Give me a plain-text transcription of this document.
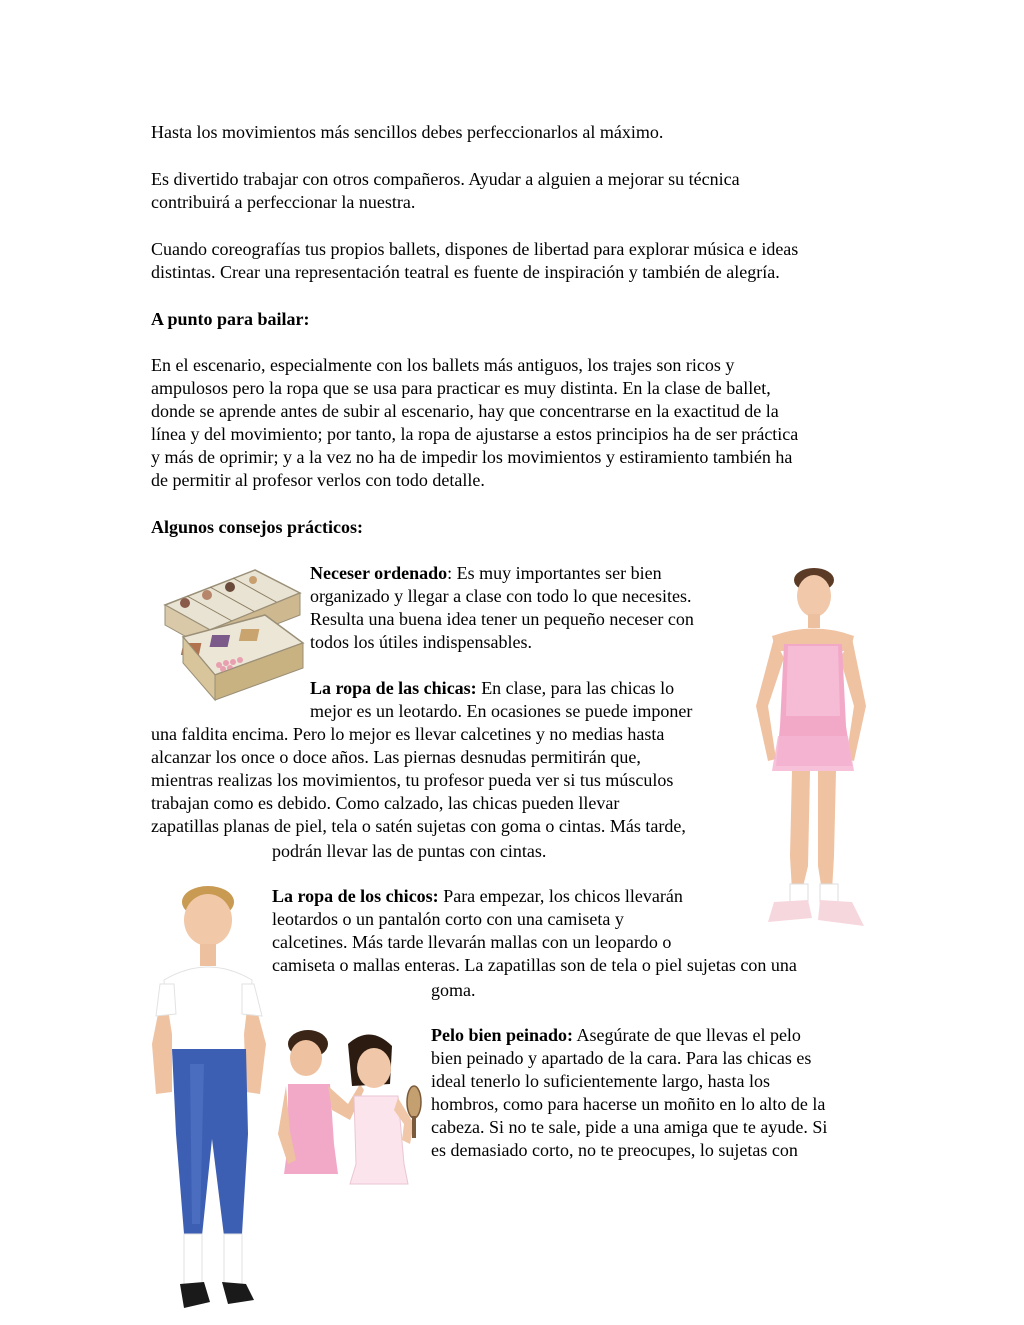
Hasta los movimientos más sencillos debes perfeccionarlos al máximo.

Es divertido trabajar con otros compañeros. Ayudar a alguien a mejorar su técnica

contribuirá a perfeccionar la nuestra.

Cuando coreografías tus propios ballets, dispones de libertad para explorar música e ideas

distintas. Crear una representación teatral es fuente de inspiración y también de alegría.

A punto para bailar:

En el escenario, especialmente con los ballets más antiguos, los trajes son ricos y

ampulosos pero la ropa que se usa para practicar es muy distinta. En la clase de ballet,

donde se aprende antes de subir al escenario, hay que concentrarse en la exactitud de la

línea y del movimiento; por tanto, la ropa de ajustarse a estos principios ha de ser práctica

y más de oprimir; y a la vez no ha de impedir los movimientos y estiramiento también ha

de permitir al profesor verlos con todo detalle.

Algunos consejos prácticos:

Neceser ordenado: Es muy importantes ser bien

organizado y llegar a clase con todo lo que necesites.

Resulta una buena idea tener un pequeño neceser con

todos los útiles indispensables.

La ropa de las chicas: En clase, para las chicas lo

mejor es un leotardo. En ocasiones se puede imponer

una faldita encima. Pero lo mejor es llevar calcetines y no medias hasta

alcanzar los once o doce años. Las piernas desnudas permitirán que,

mientras realizas los movimientos, tu profesor pueda ver si tus músculos

trabajan como es debido. Como calzado, las chicas pueden llevar

zapatillas planas de piel, tela o satén sujetas con goma o cintas. Más tarde,

podrán llevar las de puntas con cintas.

La ropa de los chicos: Para empezar, los chicos llevarán

leotardos o un pantalón corto con una camiseta y

calcetines. Más tarde llevarán mallas con un leopardo o

camiseta o mallas enteras. La zapatillas son de tela o piel sujetas con una

goma.

Pelo bien peinado: Asegúrate de que llevas el pelo

bien peinado y apartado de la cara. Para las chicas es

ideal tenerlo lo suficientemente largo, hasta los

hombros, como para hacerse un moñito en lo alto de la

cabeza. Si no te sale, pide a una amiga que te ayude. Si

es demasiado corto, no te preocupes, lo sujetas con
